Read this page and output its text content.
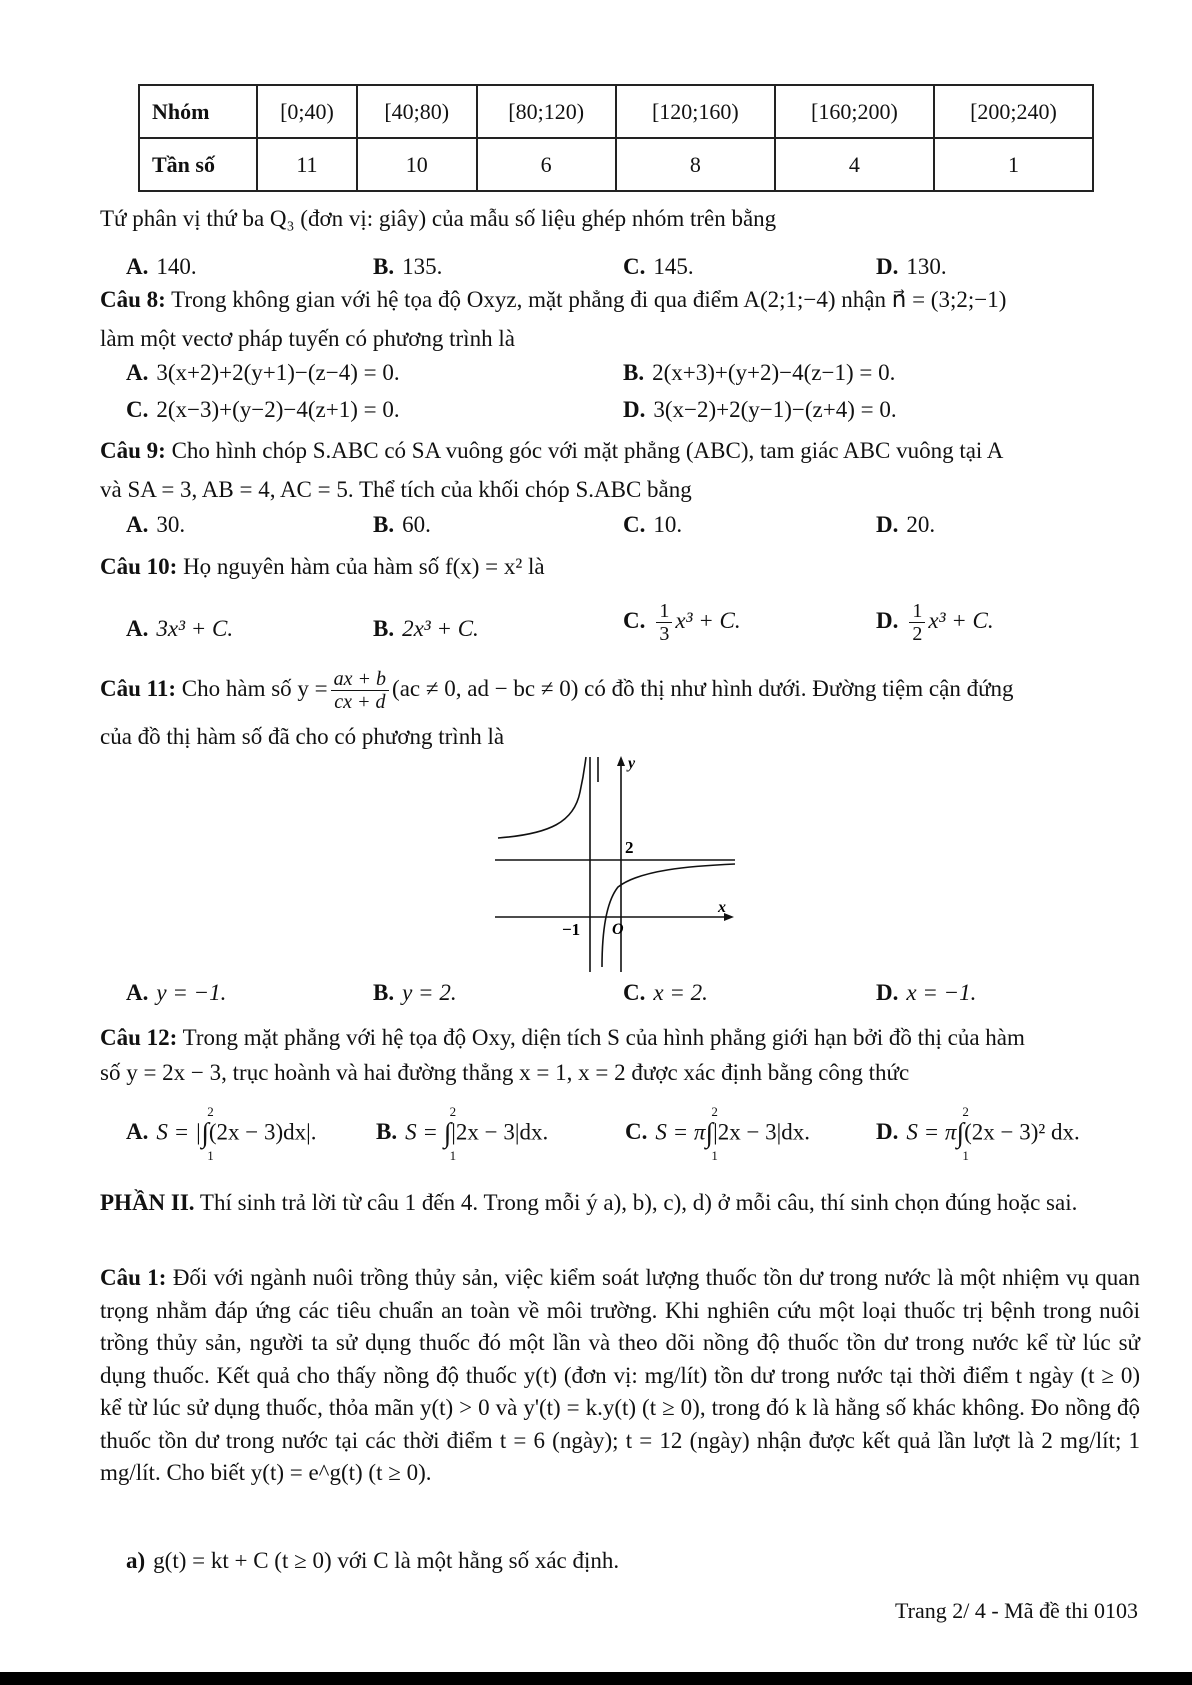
Nhóm	[0;40)	[40;80)	[80;120)	[120;160)	[160;200)	[200;240)
Tần số	11	10	6	8	4	1
Tứ phân vị thứ ba Q₃ (đơn vị: giây) của mẫu số liệu ghép nhóm trên bằng
A. 140.	B. 135.	C. 145.	D. 130.
Câu 8: Trong không gian với hệ tọa độ Oxyz, mặt phẳng đi qua điểm A(2;1;−4) nhận n⃗ = (3;2;−1)
làm một vectơ pháp tuyến có phương trình là
A. 3(x+2)+2(y+1)−(z−4) = 0.	B. 2(x+3)+(y+2)−4(z−1) = 0.
C. 2(x−3)+(y−2)−4(z+1) = 0.	D. 3(x−2)+2(y−1)−(z+4) = 0.
Câu 9: Cho hình chóp S.ABC có SA vuông góc với mặt phẳng (ABC), tam giác ABC vuông tại A
và SA = 3, AB = 4, AC = 5. Thể tích của khối chóp S.ABC bằng
A. 30.	B. 60.	C. 10.	D. 20.
Câu 10: Họ nguyên hàm của hàm số f(x) = x² là
A. 3x³ + C.	B. 2x³ + C.	C. $\frac{1}{3} x^3 + C$.	D. $\frac{1}{2} x^3 + C$.
Câu 11: Cho hàm số $y = \frac{ax + b}{cx + d} (ac \ne 0$, ad − bc ≠ 0) có đồ thị như hình dưới. Đường tiệm cận đứng
của đồ thị hàm số đã cho có phương trình là
y
x
2
−1 O
A. y = −1.	B. y = 2.	C. x = 2.	D. x = −1.
Câu 12: Trong mặt phẳng với hệ tọa độ Oxy, diện tích S của hình phẳng giới hạn bởi đồ thị của hàm
số y = 2x − 3, trục hoành và hai đường thẳng x = 1, x = 2 được xác định bằng công thức
A. S = |∫
2
1
(2x − 3)dx|.	B. S = ∫
2
1
|2x − 3|dx.	C. S = π∫
2
1
|2x − 3|dx.	D. S = π∫
2
1
(2x − 3)² dx.
PHẦN II. Thí sinh trả lời từ câu 1 đến 4. Trong mỗi ý a), b), c), d) ở mỗi câu, thí sinh chọn đúng hoặc sai.
Câu 1: Đối với ngành nuôi trồng thủy sản, việc kiểm soát lượng thuốc tồn dư trong nước là một nhiệm vụ quan trọng nhằm đáp ứng các tiêu chuẩn an toàn về môi trường. Khi nghiên cứu một loại thuốc trị bệnh trong nuôi trồng thủy sản, người ta sử dụng thuốc đó một lần và theo dõi nồng độ thuốc tồn dư trong nước kể từ lúc sử dụng thuốc. Kết quả cho thấy nồng độ thuốc y(t) (đơn vị: mg/lít) tồn dư trong nước tại thời điểm t ngày (t ≥ 0) kể từ lúc sử dụng thuốc, thỏa mãn y(t) > 0 và y'(t) = k.y(t) (t ≥ 0), trong đó k là hằng số khác không. Đo nồng độ thuốc tồn dư trong nước tại các thời điểm t = 6 (ngày); t = 12 (ngày) nhận được kết quả lần lượt là 2 mg/lít; 1 mg/lít. Cho biết y(t) = e^g(t) (t ≥ 0).
a) g(t) = kt + C (t ≥ 0) với C là một hằng số xác định.
Trang 2/ 4 - Mã đề thi 0103
